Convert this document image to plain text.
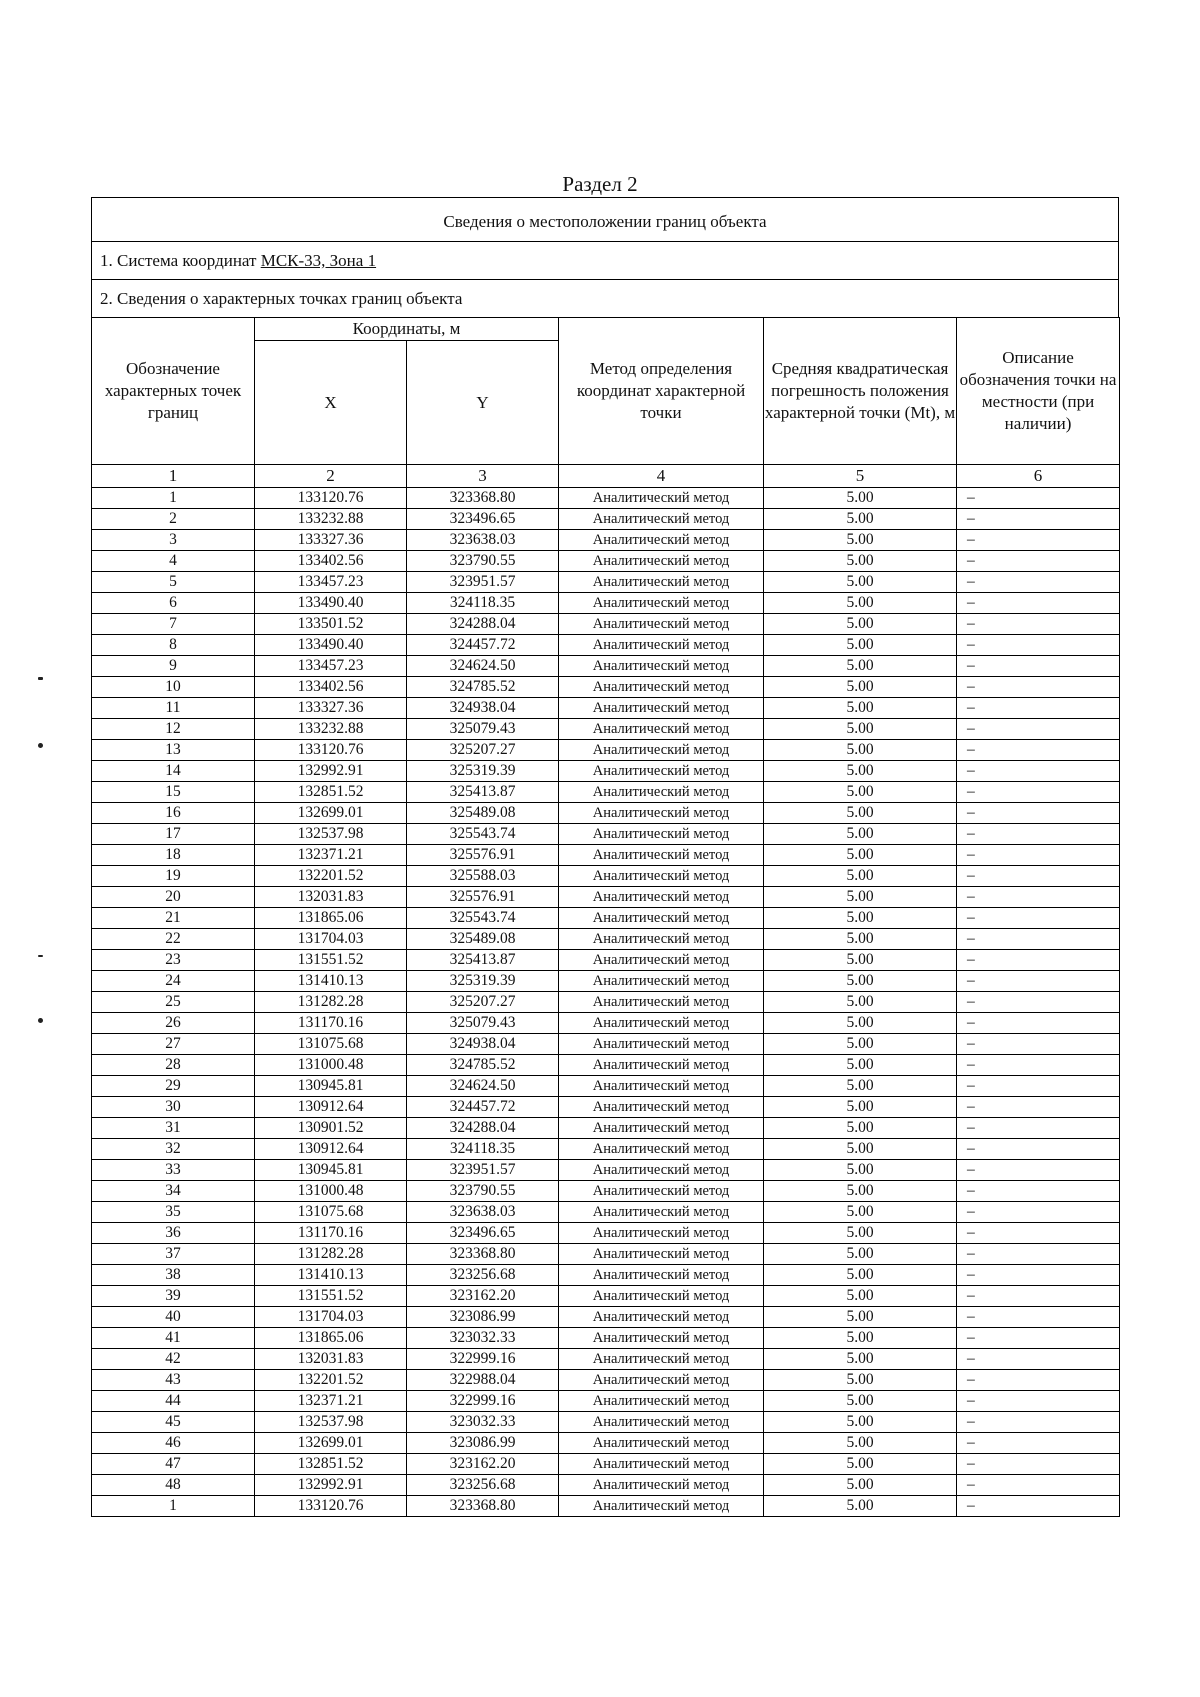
Раздел 2
Сведения о местоположении границ объекта
1. Система координат МСК-33, Зона 1
2. Сведения о характерных точках границ объекта
Обозначение характерных точек границ	Координаты, м		Метод определения координат характерной точки	Средняя квадратическая погрешность положения характерной точки (Mt), м	Описание обозначения точки на местности (при наличии)
	X	Y			
1	2	3	4	5	6
1	133120.76	323368.80	Аналитический метод	5.00	–
2	133232.88	323496.65	Аналитический метод	5.00	–
3	133327.36	323638.03	Аналитический метод	5.00	–
4	133402.56	323790.55	Аналитический метод	5.00	–
5	133457.23	323951.57	Аналитический метод	5.00	–
6	133490.40	324118.35	Аналитический метод	5.00	–
7	133501.52	324288.04	Аналитический метод	5.00	–
8	133490.40	324457.72	Аналитический метод	5.00	–
9	133457.23	324624.50	Аналитический метод	5.00	–
10	133402.56	324785.52	Аналитический метод	5.00	–
11	133327.36	324938.04	Аналитический метод	5.00	–
12	133232.88	325079.43	Аналитический метод	5.00	–
13	133120.76	325207.27	Аналитический метод	5.00	–
14	132992.91	325319.39	Аналитический метод	5.00	–
15	132851.52	325413.87	Аналитический метод	5.00	–
16	132699.01	325489.08	Аналитический метод	5.00	–
17	132537.98	325543.74	Аналитический метод	5.00	–
18	132371.21	325576.91	Аналитический метод	5.00	–
19	132201.52	325588.03	Аналитический метод	5.00	–
20	132031.83	325576.91	Аналитический метод	5.00	–
21	131865.06	325543.74	Аналитический метод	5.00	–
22	131704.03	325489.08	Аналитический метод	5.00	–
23	131551.52	325413.87	Аналитический метод	5.00	–
24	131410.13	325319.39	Аналитический метод	5.00	–
25	131282.28	325207.27	Аналитический метод	5.00	–
26	131170.16	325079.43	Аналитический метод	5.00	–
27	131075.68	324938.04	Аналитический метод	5.00	–
28	131000.48	324785.52	Аналитический метод	5.00	–
29	130945.81	324624.50	Аналитический метод	5.00	–
30	130912.64	324457.72	Аналитический метод	5.00	–
31	130901.52	324288.04	Аналитический метод	5.00	–
32	130912.64	324118.35	Аналитический метод	5.00	–
33	130945.81	323951.57	Аналитический метод	5.00	–
34	131000.48	323790.55	Аналитический метод	5.00	–
35	131075.68	323638.03	Аналитический метод	5.00	–
36	131170.16	323496.65	Аналитический метод	5.00	–
37	131282.28	323368.80	Аналитический метод	5.00	–
38	131410.13	323256.68	Аналитический метод	5.00	–
39	131551.52	323162.20	Аналитический метод	5.00	–
40	131704.03	323086.99	Аналитический метод	5.00	–
41	131865.06	323032.33	Аналитический метод	5.00	–
42	132031.83	322999.16	Аналитический метод	5.00	–
43	132201.52	322988.04	Аналитический метод	5.00	–
44	132371.21	322999.16	Аналитический метод	5.00	–
45	132537.98	323032.33	Аналитический метод	5.00	–
46	132699.01	323086.99	Аналитический метод	5.00	–
47	132851.52	323162.20	Аналитический метод	5.00	–
48	132992.91	323256.68	Аналитический метод	5.00	–
1	133120.76	323368.80	Аналитический метод	5.00	–
